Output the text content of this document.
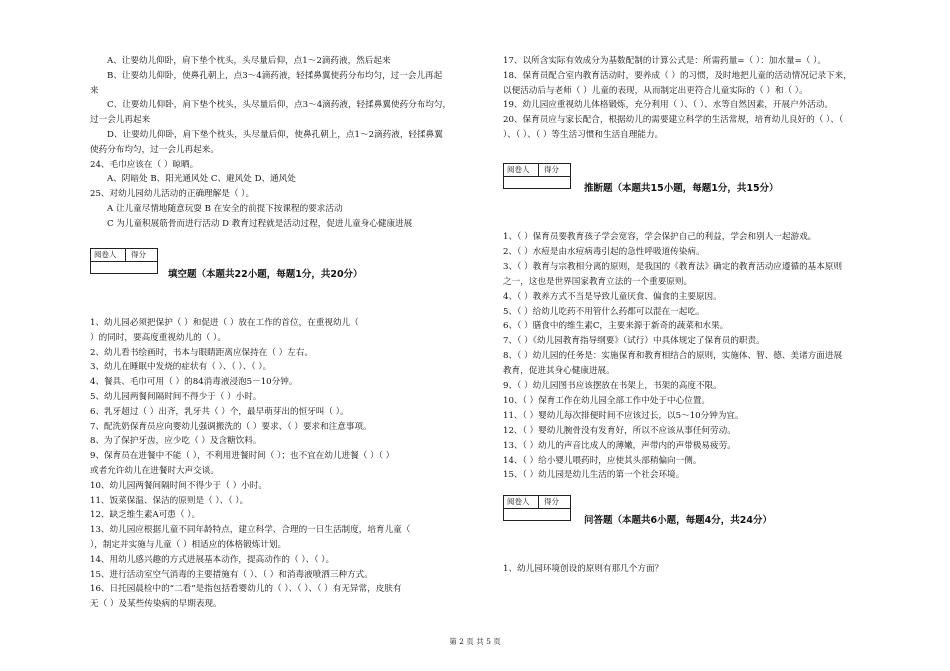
A、让要幼儿仰卧，肩下垫个枕头，头尽量后仰，点1～2滴药液，然后起来
B、让要幼儿仰卧，使鼻孔朝上，点3～4滴药液，轻揉鼻翼使药分布均匀，过一会儿再起
来
C、让要幼儿仰卧，肩下垫个枕头，头尽量后仰，点3～4滴药液，轻揉鼻翼使药分布均匀，
过一会儿再起来
D、让要幼儿仰卧，肩下垫个枕头，头尽量后仰，使鼻孔朝上，点1～2滴药液，轻揉鼻翼
使药分布均匀，过一会儿再起来。
24、毛巾应该在（ ）晾晒。
A、阴暗处 B、阳光通风处 C、避风处 D、通风处
25、对幼儿园幼儿活动的正确理解是（ ）。
A 让儿童尽情地随意玩耍 B 在安全的前提下按课程的要求活动
C 为儿童积展筋骨而进行活动 D 教育过程就是活动过程，促进儿童身心健康进展
阅卷人 得分
填空题（本题共22小题，每题1分，共20分）
1、幼儿园必须把保护（ ）和促进（ ）放在工作的首位，在重视幼儿（
）的同时，要高度重视幼儿的（ ）。
2、幼儿看书绘画时，书本与眼睛距离应保持在（ ）左右。
3、幼儿在睡眠中发烧的症状有（ ）、（ ）、（ ）。
4、餐具、毛巾可用（ ）的84消毒液浸泡5－10分钟。
5、幼儿园两餐间隔时间不得少于（ ）小时。
6、乳牙超过（ ）出齐，乳牙共（ ）个，最早萌芽出的恒牙叫（ ）。
7、配洗奶保育员应向婴幼儿强调搬洗的（ ）要求、（ ）要求和注意事项。
8、为了保护牙齿，应少吃（ ）及含糖饮料。
9、保育员在进餐中不能（ ），不利用进餐时间（ ）；也不宜在幼儿进餐（ ）（ ）
或者允许幼儿在进餐时大声交谈。
10、幼儿园两餐间隔时间不得少于（ ）小时。
11、饭菜保温、保洁的原则是（ ）、（ ）。
12、缺乏维生素A可患（ ）。
13、幼儿园应根据儿童不同年龄特点，建立科学、合理的一日生活制度，培育儿童（
），制定并实施与儿童（ ）相适应的体格锻炼计划。
14、用幼儿感兴趣的方式进展基本动作，提高动作的（ ）、（ ）。
15、进行活动室空气消毒的主要措施有（ ）、（ ）和消毒液喷洒三种方式。
16、日托园晨检中的“二看”是指包括看婴幼儿的（ ）、（ ）、（ ）有无异常，皮肤有
无（ ）及某些传染病的早期表现。
17、以所含实际有效成分为基数配制的计算公式是：所需药量=（ ）：加水量=（ ）。
18、保育员配合室内教育活动时，要养成（ ）的习惯，及时地把儿童的活动情况记录下来，
以便活动后与老师（ ）儿童的表现，从而制定出更符合儿童实际的（ ）和（ ）。
19、幼儿园应重视幼儿体格锻炼，充分利用（ ）、（ ）、水等自然因素，开展户外活动。
20、保育员应与家长配合，根据幼儿的需要建立科学的生活常规，培育幼儿良好的（ ）、（
）、（ ）、（ ）等生活习惯和生活自理能力。
阅卷人 得分
推断题（本题共15小题，每题1分，共15分）
1、（ ）保育员要教育孩子学会宽容，学会保护自己的利益，学会和别人一起游戏。
2、（ ）水痘是由水痘病毒引起的急性呼吸道传染病。
3、（ ）教育与宗教相分离的原则，是我国的《教育法》确定的教育活动应遵循的基本原则
之一，这也是世界国家教育立法的一个重要原则。
4、（ ）教养方式不当是导致儿童厌食、偏食的主要原因。
5、（ ）给幼儿吃药不用管什么药都可以混在一起吃。
6、（ ）膳食中的维生素C，主要来源于新奇的蔬菜和水果。
7、（ ）《幼儿园教育指导纲要》（试行）中具体规定了保育员的职责。
8、（ ）幼儿园的任务是：实施保育和教育相结合的原则，实施体、智、德、美诸方面进展
教育，促进其身心健康进展。
9、（ ）幼儿园图书应该摆放在书架上，书架的高度不限。
10、（ ）保育工作在幼儿园全部工作中处于中心位置。
11、（ ）婴幼儿每次排便时间不应该过长，以5～10分钟为宜。
12、（ ）婴幼儿腕骨没有发育好，所以不应该从事任何劳动。
13、（ ）幼儿的声音比成人的薄嫩，声带内的声带极易疲劳。
14、（ ）给小婴儿喂药时，应使其头部稍偏向一侧。
15、（ ）幼儿园是幼儿生活的第一个社会环境。
阅卷人 得分
问答题（本题共6小题，每题4分，共24分）
1、幼儿园环境创设的原则有那几个方面？
第 2 页 共 5 页
